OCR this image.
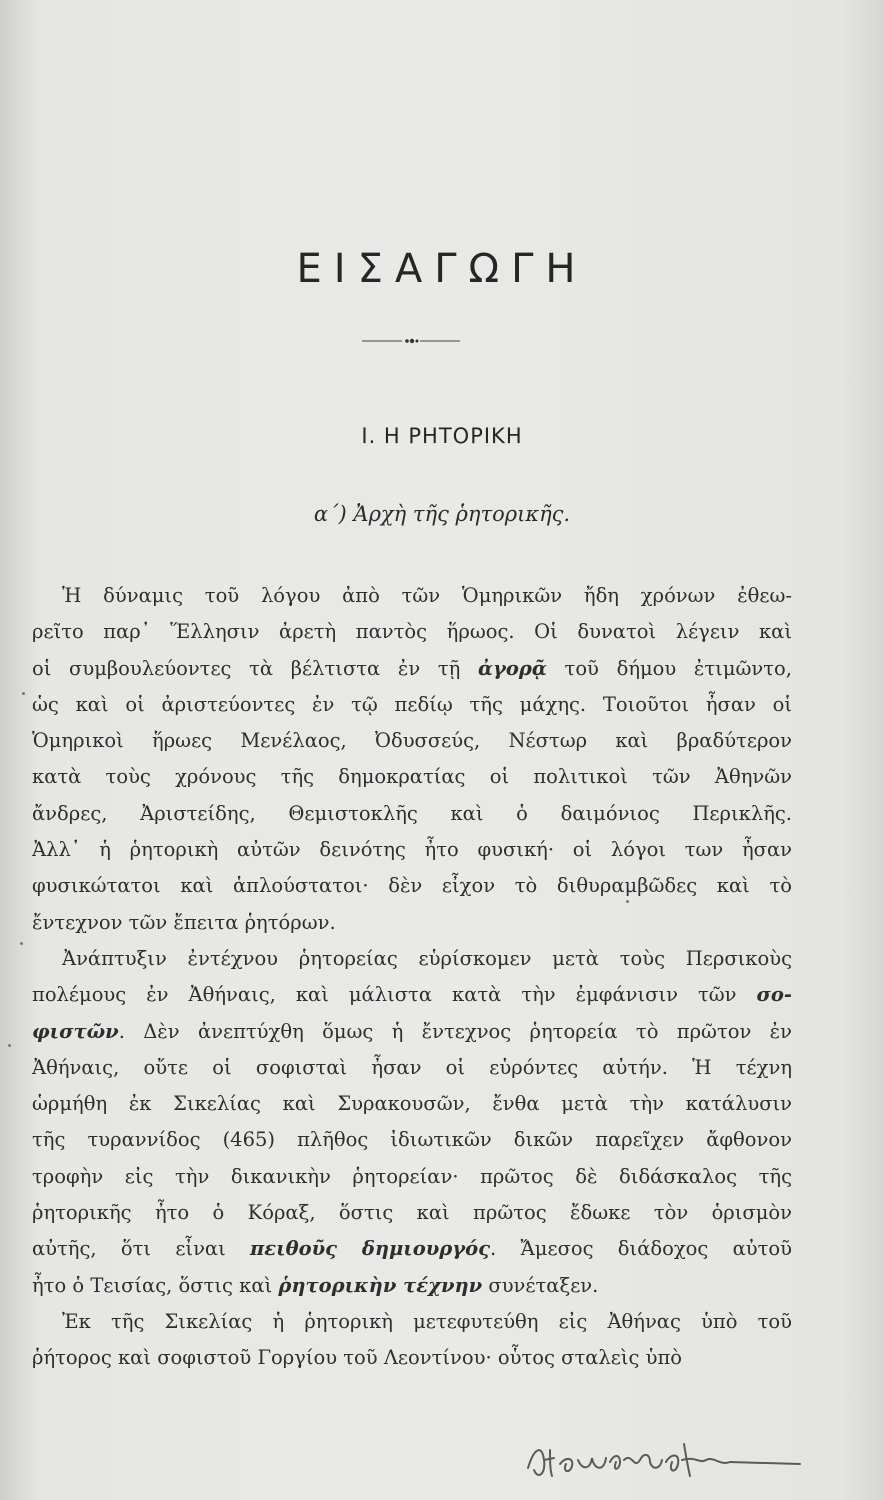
ΕΙΣΑΓΩΓΗ
Ι. Η ΡΗΤΟΡΙΚΗ
α΄) Ἀρχὴ τῆς ῥητορικῆς.
Ἡ δύναμις τοῦ λόγου ἀπὸ τῶν Ὁμηρικῶν ἤδη χρόνων ἐθεω-
ρεῖτο παρ᾽ Ἕλλησιν ἀρετὴ παντὸς ἥρωος. Οἱ δυνατοὶ λέγειν καὶ
οἱ συμβουλεύοντες τὰ βέλτιστα ἐν τῇ ἀγορᾷ τοῦ δήμου ἐτιμῶντο,
ὡς καὶ οἱ ἀριστεύοντες ἐν τῷ πεδίῳ τῆς μάχης. Τοιοῦτοι ἦσαν οἱ
Ὁμηρικοὶ ἥρωες Μενέλαος, Ὀδυσσεύς, Νέστωρ καὶ βραδύτερον
κατὰ τοὺς χρόνους τῆς δημοκρατίας οἱ πολιτικοὶ τῶν Ἀθηνῶν
ἄνδρες, Ἀριστείδης, Θεμιστοκλῆς καὶ ὁ δαιμόνιος Περικλῆς.
Ἀλλ᾽ ἡ ῥητορικὴ αὐτῶν δεινότης ἦτο φυσική· οἱ λόγοι των ἦσαν
φυσικώτατοι καὶ ἁπλούστατοι· δὲν εἶχον τὸ διθυραμβῶδες καὶ τὸ
ἔντεχνον τῶν ἔπειτα ῥητόρων.
Ἀνάπτυξιν ἐντέχνου ῥητορείας εὑρίσκομεν μετὰ τοὺς Περσικοὺς
πολέμους ἐν Ἀθήναις, καὶ μάλιστα κατὰ τὴν ἐμφάνισιν τῶν σο-
φιστῶν. Δὲν ἀνεπτύχθη ὅμως ἡ ἔντεχνος ῥητορεία τὸ πρῶτον ἐν
Ἀθήναις, οὔτε οἱ σοφισταὶ ἦσαν οἱ εὑρόντες αὐτήν. Ἡ τέχνη
ὡρμήθη ἐκ Σικελίας καὶ Συρακουσῶν, ἔνθα μετὰ τὴν κατάλυσιν
τῆς τυραννίδος (465) πλῆθος ἰδιωτικῶν δικῶν παρεῖχεν ἄφθονον
τροφὴν εἰς τὴν δικανικὴν ῥητορείαν· πρῶτος δὲ διδάσκαλος τῆς
ῥητορικῆς ἦτο ὁ Κόραξ, ὅστις καὶ πρῶτος ἔδωκε τὸν ὁρισμὸν
αὐτῆς, ὅτι εἶναι πειθοῦς δημιουργός. Ἄμεσος διάδοχος αὐτοῦ
ἦτο ὁ Τεισίας, ὅστις καὶ ῥητορικὴν τέχνην συνέταξεν.
Ἐκ τῆς Σικελίας ἡ ῥητορικὴ μετεφυτεύθη εἰς Ἀθήνας ὑπὸ τοῦ
ῥήτορος καὶ σοφιστοῦ Γοργίου τοῦ Λεοντίνου· οὗτος σταλεὶς ὑπὸ
